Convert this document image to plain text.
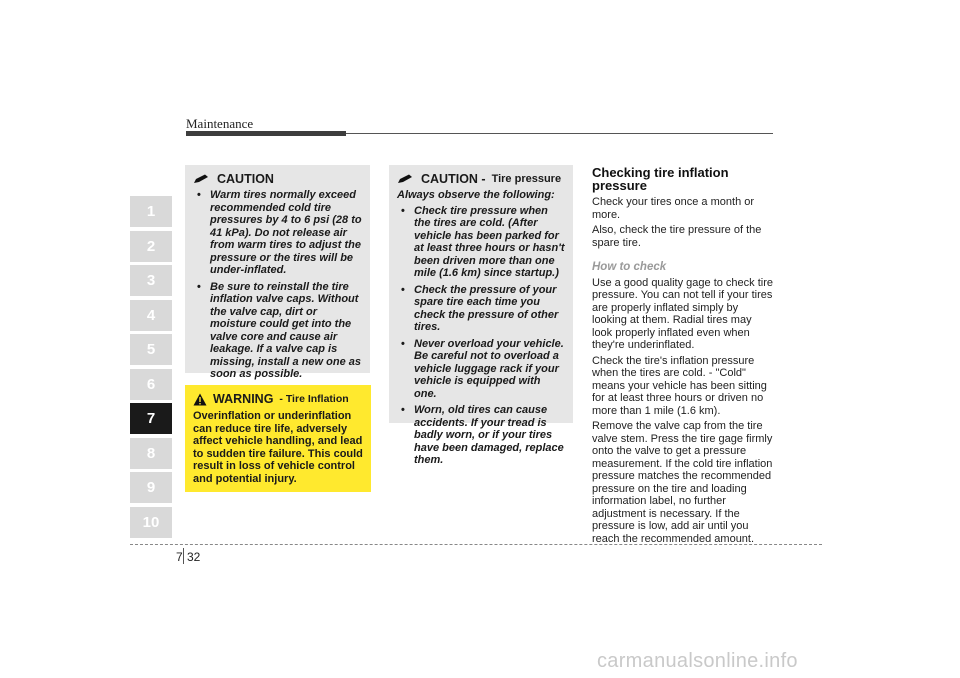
Maintenance
1
2
3
4
5
6
7
8
9
10
CAUTION
• Warm tires normally exceed recommended cold tire pressures by 4 to 6 psi (28 to 41 kPa). Do not release air from warm tires to adjust the pressure or the tires will be under-inflated.
• Be sure to reinstall the tire inflation valve caps. Without the valve cap, dirt or moisture could get into the valve core and cause air leakage. If a valve cap is missing, install a new one as soon as possible.
WARNING - Tire Inflation
Overinflation or underinflation can reduce tire life, adversely affect vehicle handling, and lead to sudden tire failure. This could result in loss of vehicle control and potential injury.
CAUTION - Tire pressure
Always observe the following:
• Check tire pressure when the tires are cold. (After vehicle has been parked for at least three hours or hasn't been driven more than one mile (1.6 km) since startup.)
• Check the pressure of your spare tire each time you check the pressure of other tires.
• Never overload your vehicle. Be careful not to overload a vehicle luggage rack if your vehicle is equipped with one.
• Worn, old tires can cause accidents. If your tread is badly worn, or if your tires have been damaged, replace them.
Checking tire inflation pressure

Check your tires once a month or more.

Also, check the tire pressure of the spare tire.

How to check

Use a good quality gage to check tire pressure. You can not tell if your tires are properly inflated simply by looking at them. Radial tires may look properly inflated even when they're underinflated.

Check the tire's inflation pressure when the tires are cold. - "Cold" means your vehicle has been sitting for at least three hours or driven no more than 1 mile (1.6 km).

Remove the valve cap from the tire valve stem. Press the tire gage firmly onto the valve to get a pressure measurement. If the cold tire inflation pressure matches the recommended pressure on the tire and loading information label, no further adjustment is necessary. If the pressure is low, add air until you reach the recommended amount.

7 32
carmanualsonline.info
